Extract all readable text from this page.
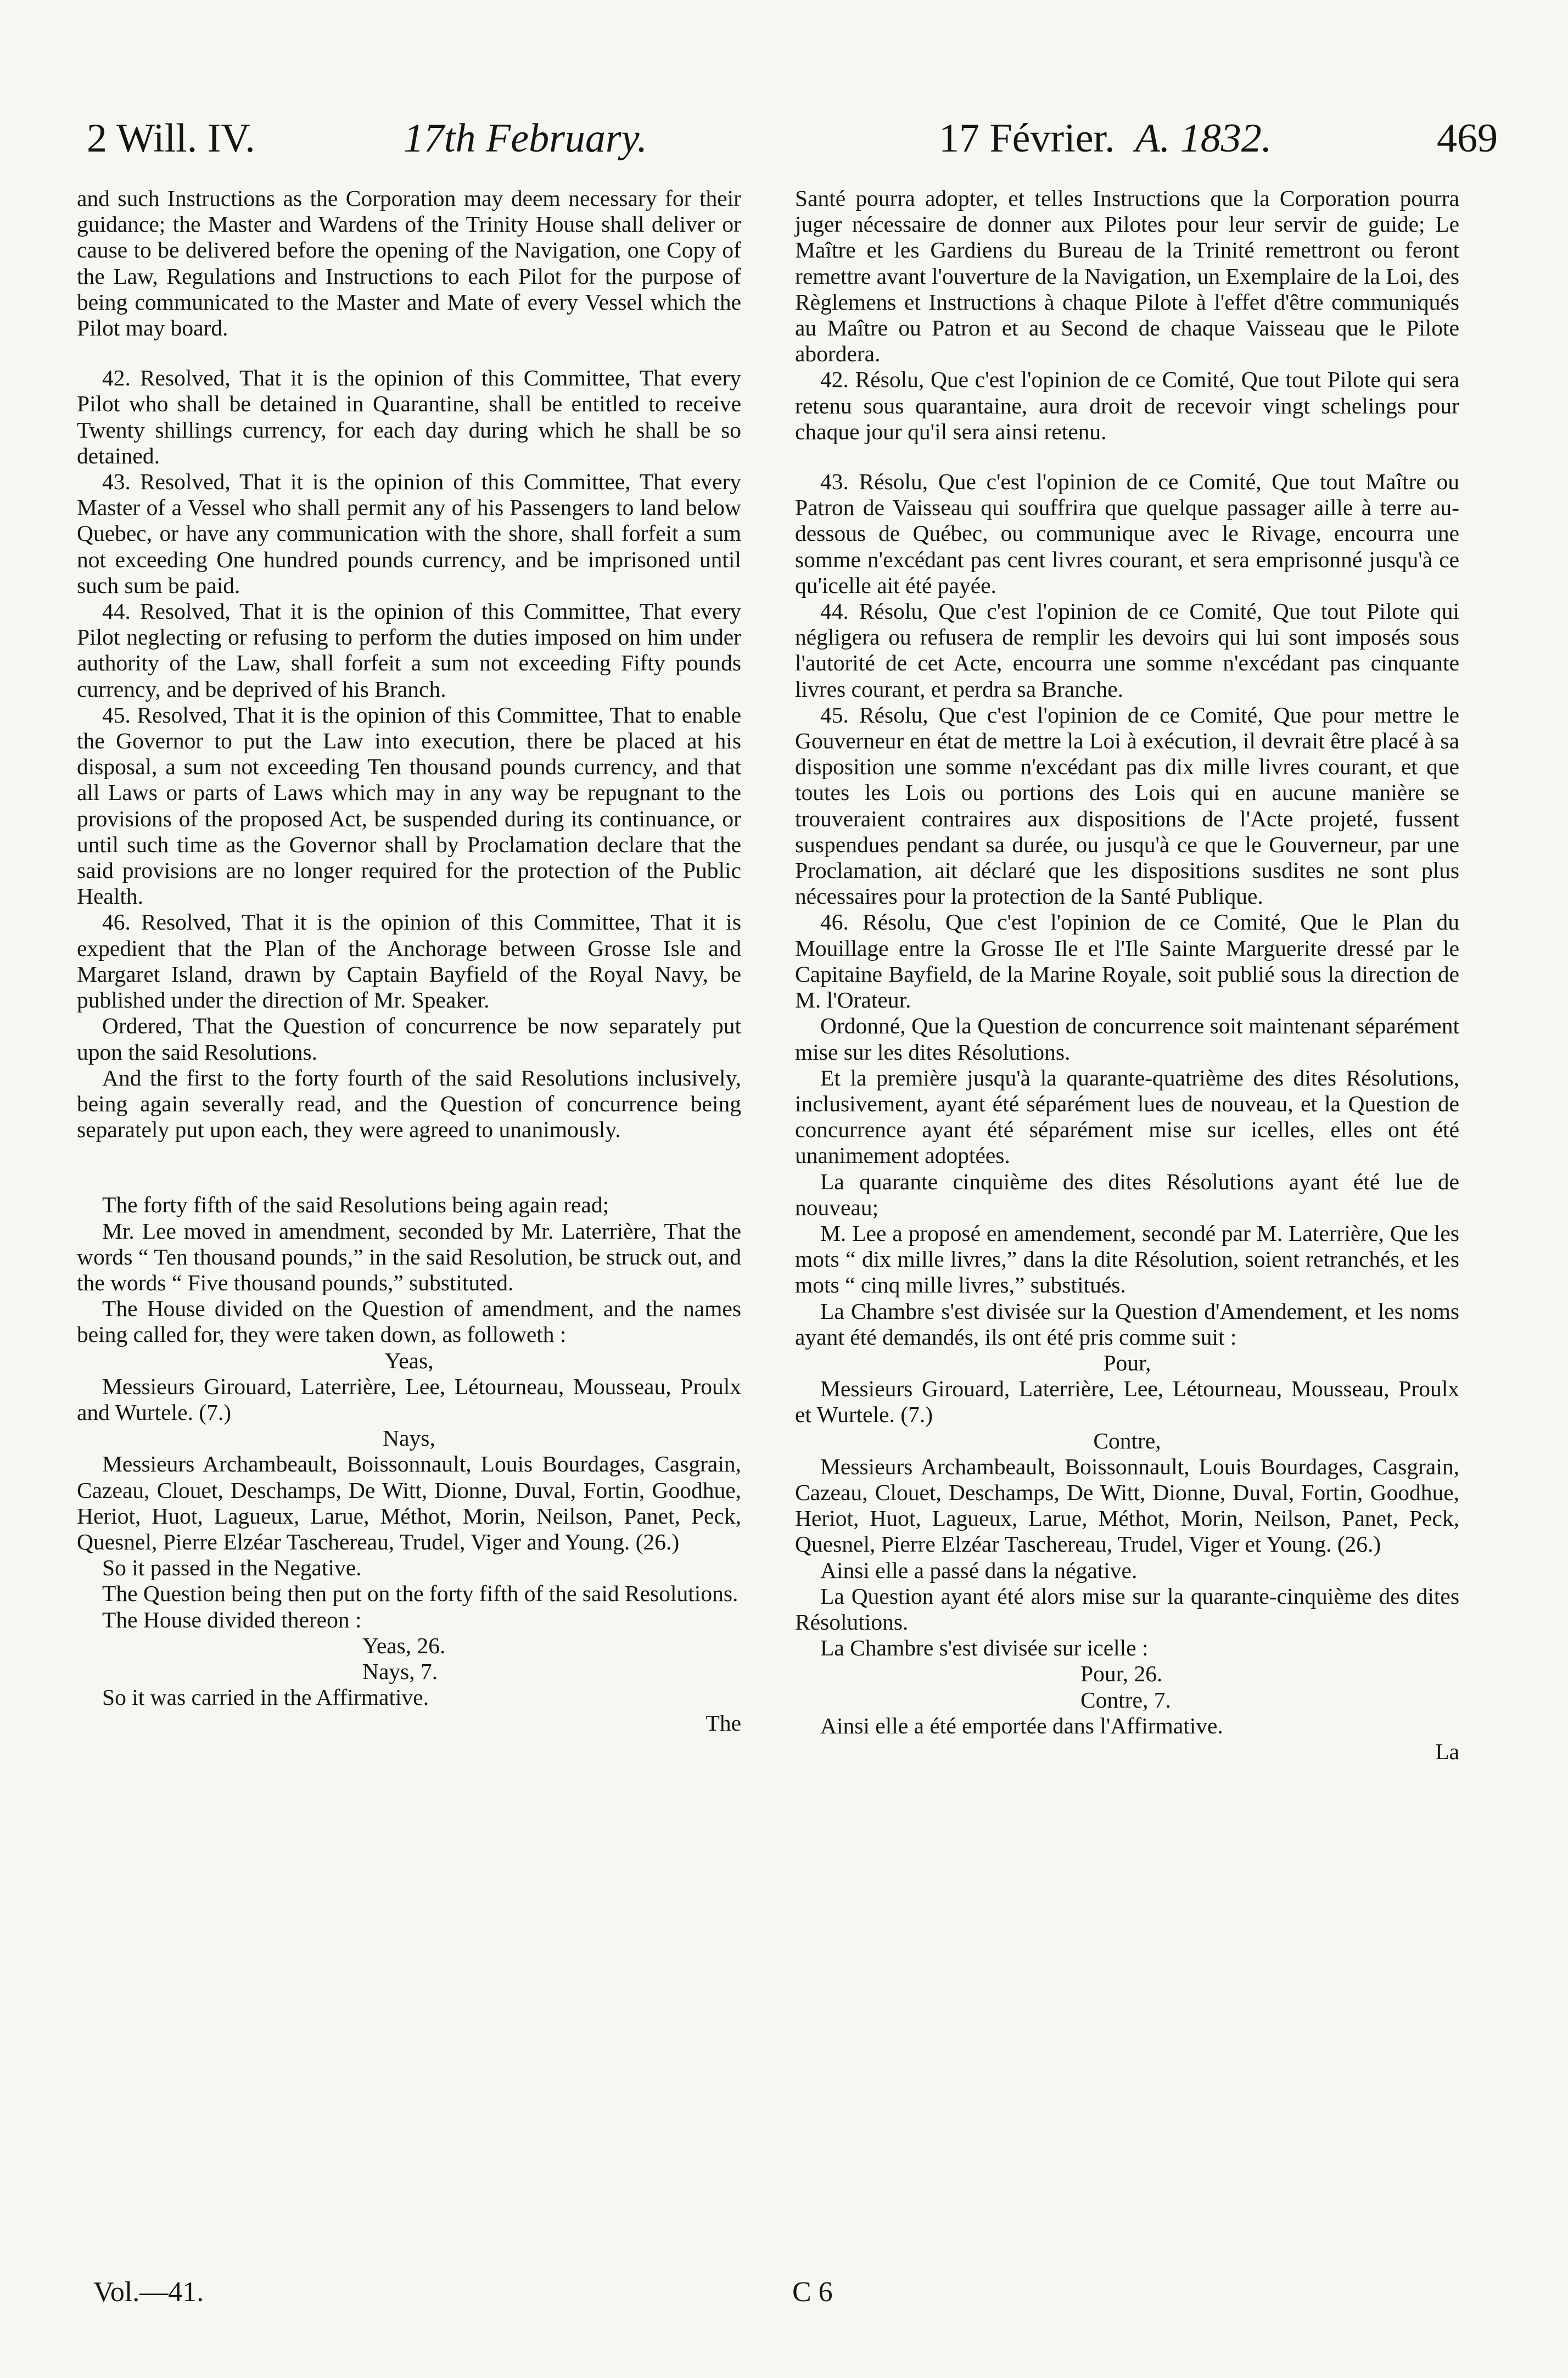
2 Will. IV.	17th February.	17 Février. A. 1832.	469

and such Instructions as the Corporation may deem necessary for their guidance; the Master and Wardens of the Trinity House shall deliver or cause to be delivered before the opening of the Navigation, one Copy of the Law, Regulations and Instructions to each Pilot for the purpose of being communicated to the Master and Mate of every Vessel which the Pilot may board.

42. Resolved, That it is the opinion of this Committee, That every Pilot who shall be detained in Quarantine, shall be entitled to receive Twenty shillings currency, for each day during which he shall be so detained.

43. Resolved, That it is the opinion of this Committee, That every Master of a Vessel who shall permit any of his Passengers to land below Quebec, or have any communication with the shore, shall forfeit a sum not exceeding One hundred pounds currency, and be imprisoned until such sum be paid.

44. Resolved, That it is the opinion of this Committee, That every Pilot neglecting or refusing to perform the duties imposed on him under authority of the Law, shall forfeit a sum not exceeding Fifty pounds currency, and be deprived of his Branch.

45. Resolved, That it is the opinion of this Committee, That to enable the Governor to put the Law into execution, there be placed at his disposal, a sum not exceeding Ten thousand pounds currency, and that all Laws or parts of Laws which may in any way be repugnant to the provisions of the proposed Act, be suspended during its continuance, or until such time as the Governor shall by Proclamation declare that the said provisions are no longer required for the protection of the Public Health.

46. Resolved, That it is the opinion of this Committee, That it is expedient that the Plan of the Anchorage between Grosse Isle and Margaret Island, drawn by Captain Bayfield of the Royal Navy, be published under the direction of Mr. Speaker.

Ordered, That the Question of concurrence be now separately put upon the said Resolutions.

And the first to the forty fourth of the said Resolutions inclusively, being again severally read, and the Question of concurrence being separately put upon each, they were agreed to unanimously.

The forty fifth of the said Resolutions being again read;

Mr. Lee moved in amendment, seconded by Mr. Laterrière, That the words “ Ten thousand pounds,” in the said Resolution, be struck out, and the words “ Five thousand pounds,” substituted.

The House divided on the Question of amendment, and the names being called for, they were taken down, as followeth :

Yeas,

Messieurs Girouard, Laterrière, Lee, Létourneau, Mousseau, Proulx and Wurtele. (7.)

Nays,

Messieurs Archambeault, Boissonnault, Louis Bourdages, Casgrain, Cazeau, Clouet, Deschamps, De Witt, Dionne, Duval, Fortin, Goodhue, Heriot, Huot, Lagueux, Larue, Méthot, Morin, Neilson, Panet, Peck, Quesnel, Pierre Elzéar Taschereau, Trudel, Viger and Young. (26.)

So it passed in the Negative.

The Question being then put on the forty fifth of the said Resolutions.

The House divided thereon :

Yeas, 26.

Nays, 7.

So it was carried in the Affirmative.

The

Santé pourra adopter, et telles Instructions que la Corporation pourra juger nécessaire de donner aux Pilotes pour leur servir de guide; Le Maître et les Gardiens du Bureau de la Trinité remettront ou feront remettre avant l'ouverture de la Navigation, un Exemplaire de la Loi, des Règlemens et Instructions à chaque Pilote à l'effet d'être communiqués au Maître ou Patron et au Second de chaque Vaisseau que le Pilote abordera.

42. Résolu, Que c'est l'opinion de ce Comité, Que tout Pilote qui sera retenu sous quarantaine, aura droit de recevoir vingt schelings pour chaque jour qu'il sera ainsi retenu.

43. Résolu, Que c'est l'opinion de ce Comité, Que tout Maître ou Patron de Vaisseau qui souffrira que quelque passager aille à terre au-dessous de Québec, ou communique avec le Rivage, encourra une somme n'excédant pas cent livres courant, et sera emprisonné jusqu'à ce qu'icelle ait été payée.

44. Résolu, Que c'est l'opinion de ce Comité, Que tout Pilote qui négligera ou refusera de remplir les devoirs qui lui sont imposés sous l'autorité de cet Acte, encourra une somme n'excédant pas cinquante livres courant, et perdra sa Branche.

45. Résolu, Que c'est l'opinion de ce Comité, Que pour mettre le Gouverneur en état de mettre la Loi à exécution, il devrait être placé à sa disposition une somme n'excédant pas dix mille livres courant, et que toutes les Lois ou portions des Lois qui en aucune manière se trouveraient contraires aux dispositions de l'Acte projeté, fussent suspendues pendant sa durée, ou jusqu'à ce que le Gouverneur, par une Proclamation, ait déclaré que les dispositions susdites ne sont plus nécessaires pour la protection de la Santé Publique.

46. Résolu, Que c'est l'opinion de ce Comité, Que le Plan du Mouillage entre la Grosse Ile et l'Ile Sainte Marguerite dressé par le Capitaine Bayfield, de la Marine Royale, soit publié sous la direction de M. l'Orateur.

Ordonné, Que la Question de concurrence soit maintenant séparément mise sur les dites Résolutions.

Et la première jusqu'à la quarante-quatrième des dites Résolutions, inclusivement, ayant été séparément lues de nouveau, et la Question de concurrence ayant été séparément mise sur icelles, elles ont été unanimement adoptées.

La quarante cinquième des dites Résolutions ayant été lue de nouveau;

M. Lee a proposé en amendement, secondé par M. Laterrière, Que les mots “ dix mille livres,” dans la dite Résolution, soient retranchés, et les mots “ cinq mille livres,” substitués.

La Chambre s'est divisée sur la Question d'Amendement, et les noms ayant été demandés, ils ont été pris comme suit :

Pour,

Messieurs Girouard, Laterrière, Lee, Létourneau, Mousseau, Proulx et Wurtele. (7.)

Contre,

Messieurs Archambeault, Boissonnault, Louis Bourdages, Casgrain, Cazeau, Clouet, Deschamps, De Witt, Dionne, Duval, Fortin, Goodhue, Heriot, Huot, Lagueux, Larue, Méthot, Morin, Neilson, Panet, Peck, Quesnel, Pierre Elzéar Taschereau, Trudel, Viger et Young. (26.)

Ainsi elle a passé dans la négative.

La Question ayant été alors mise sur la quarante-cinquième des dites Résolutions.

La Chambre s'est divisée sur icelle :

Pour, 26.

Contre, 7.

Ainsi elle a été emportée dans l'Affirmative.

La

Vol.—41.	C 6
